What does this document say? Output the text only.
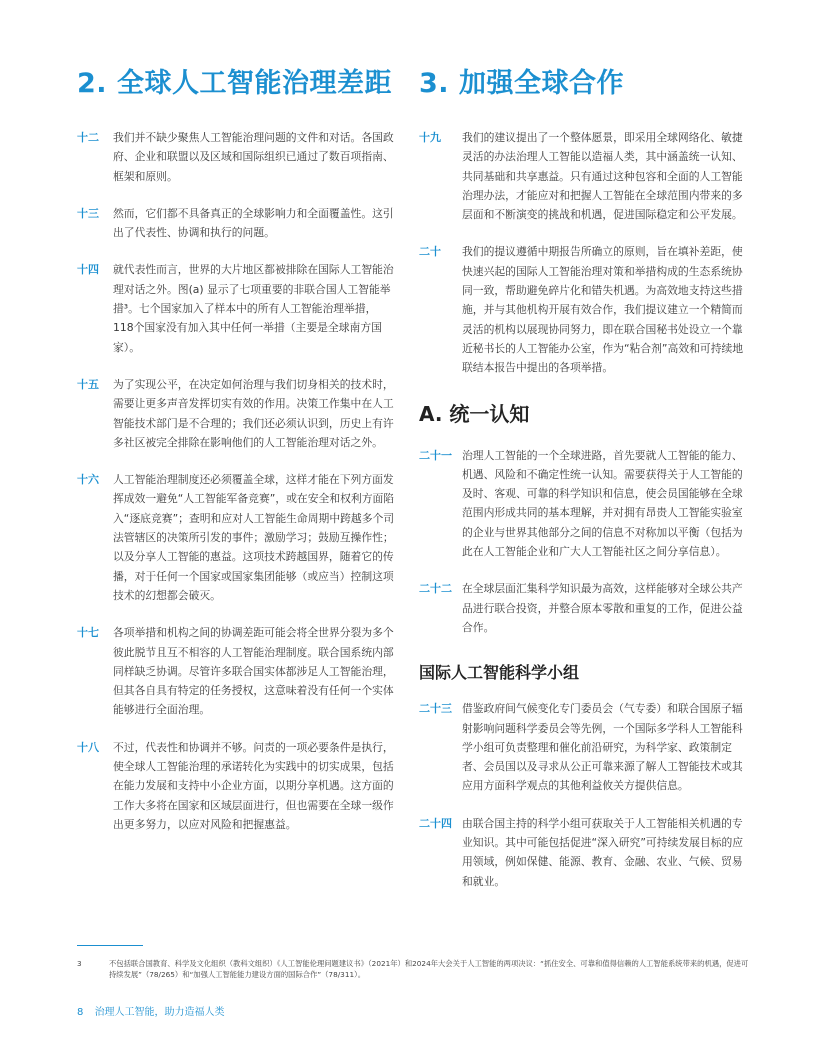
2. 全球人工智能治理差距
十二	我们并不缺少聚焦人工智能治理问题的文件和对话。各国政府、企业和联盟以及区域和国际组织已通过了数百项指南、框架和原则。
十三	然而，它们都不具备真正的全球影响力和全面覆盖性。这引出了代表性、协调和执行的问题。
十四	就代表性而言，世界的大片地区都被排除在国际人工智能治理对话之外。图(a) 显示了七项重要的非联合国人工智能举措³。七个国家加入了样本中的所有人工智能治理举措，118个国家没有加入其中任何一举措（主要是全球南方国家）。
十五	为了实现公平，在决定如何治理与我们切身相关的技术时，需要让更多声音发挥切实有效的作用。决策工作集中在人工智能技术部门是不合理的；我们还必须认识到，历史上有许多社区被完全排除在影响他们的人工智能治理对话之外。
十六	人工智能治理制度还必须覆盖全球，这样才能在下列方面发挥成效一避免“人工智能军备竞赛”，或在安全和权利方面陷入“逐底竞赛”；查明和应对人工智能生命周期中跨越多个司法管辖区的决策所引发的事件；激励学习；鼓励互操作性；以及分享人工智能的惠益。这项技术跨越国界，随着它的传播，对于任何一个国家或国家集团能够（或应当）控制这项技术的幻想都会破灭。
十七	各项举措和机构之间的协调差距可能会将全世界分裂为多个彼此脱节且互不相容的人工智能治理制度。联合国系统内部同样缺乏协调。尽管许多联合国实体都涉足人工智能治理，但其各自具有特定的任务授权，这意味着没有任何一个实体能够进行全面治理。
十八	不过，代表性和协调并不够。问责的一项必要条件是执行，使全球人工智能治理的承诺转化为实践中的切实成果，包括在能力发展和支持中小企业方面，以期分享机遇。这方面的工作大多将在国家和区域层面进行，但也需要在全球一级作出更多努力，以应对风险和把握惠益。
3. 加强全球合作
十九	我们的建议提出了一个整体愿景，即采用全球网络化、敏捷灵活的办法治理人工智能以造福人类，其中涵盖统一认知、共同基础和共享惠益。只有通过这种包容和全面的人工智能治理办法，才能应对和把握人工智能在全球范围内带来的多层面和不断演变的挑战和机遇，促进国际稳定和公平发展。
二十	我们的提议遵循中期报告所确立的原则，旨在填补差距，使快速兴起的国际人工智能治理对策和举措构成的生态系统协同一致，帮助避免碎片化和错失机遇。为高效地支持这些措施，并与其他机构开展有效合作，我们提议建立一个精简而灵活的机构以展现协同努力，即在联合国秘书处设立一个靠近秘书长的人工智能办公室，作为“粘合剂”高效和可持续地联结本报告中提出的各项举措。
A. 统一认知
二十一 治理人工智能的一个全球进路，首先要就人工智能的能力、机遇、风险和不确定性统一认知。需要获得关于人工智能的及时、客观、可靠的科学知识和信息，使会员国能够在全球范围内形成共同的基本理解，并对拥有昂贵人工智能实验室的企业与世界其他部分之间的信息不对称加以平衡（包括为此在人工智能企业和广大人工智能社区之间分享信息）。
二十二 在全球层面汇集科学知识最为高效，这样能够对全球公共产品进行联合投资，并整合原本零散和重复的工作，促进公益合作。
国际人工智能科学小组
二十三 借鉴政府间气候变化专门委员会（气专委）和联合国原子辐射影响问题科学委员会等先例，一个国际多学科人工智能科学小组可负责整理和催化前沿研究，为科学家、政策制定者、会员国以及寻求从公正可靠来源了解人工智能技术或其应用方面科学观点的其他利益攸关方提供信息。
二十四 由联合国主持的科学小组可获取关于人工智能相关机遇的专业知识。其中可能包括促进“深入研究”可持续发展目标的应用领域，例如保健、能源、教育、金融、农业、气候、贸易和就业。
3	不包括联合国教育、科学及文化组织（教科文组织）《人工智能伦理问题建议书》（2021年）和2024年大会关于人工智能的两项决议：“抓住安全、可靠和值得信赖的人工智能系统带来的机遇，促进可持续发展”（78/265）和“加强人工智能能力建设方面的国际合作”（78/311）。
8 治理人工智能，助力造福人类
